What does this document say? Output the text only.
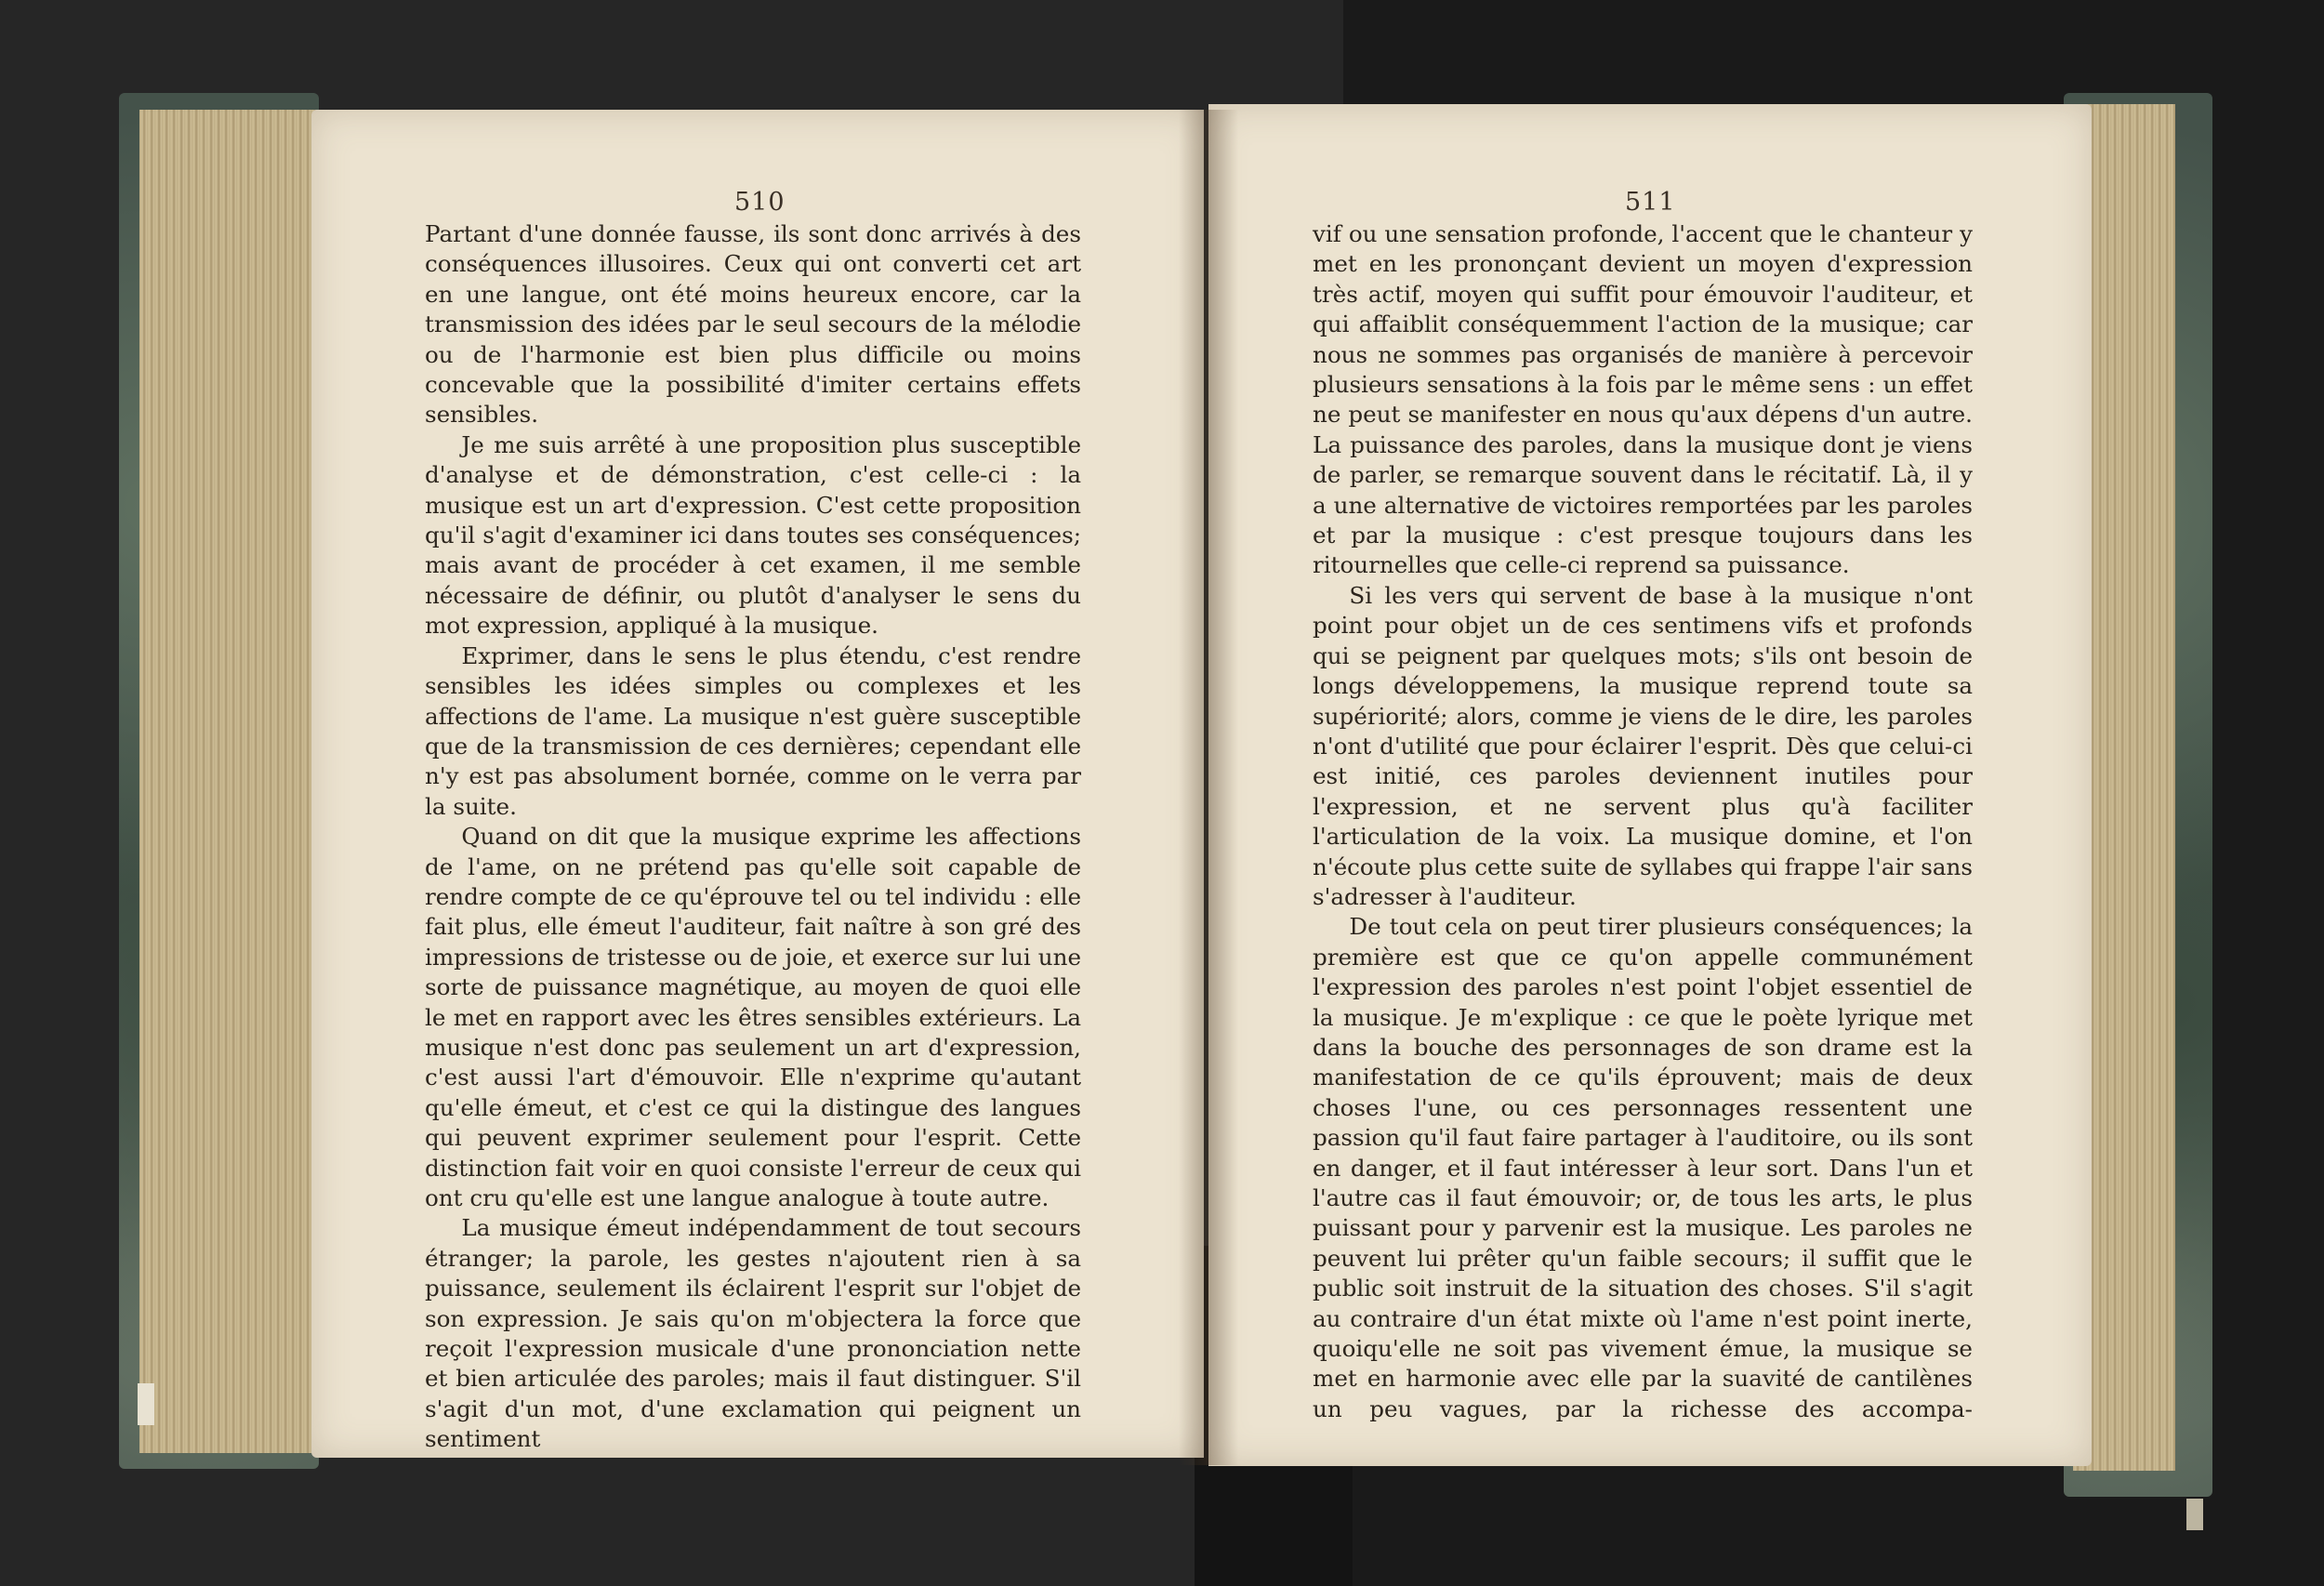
510	511

Partant d'une donnée fausse, ils sont donc arrivés à des conséquences illusoires. Ceux qui ont converti cet art en une langue, ont été moins heureux encore, car la transmission des idées par le seul secours de la mélodie ou de l'harmonie est bien plus difficile ou moins concevable que la possibilité d'imiter certains effets sensibles.

Je me suis arrêté à une proposition plus susceptible d'analyse et de démonstration, c'est celle-ci : la musique est un art d'expression. C'est cette proposition qu'il s'agit d'examiner ici dans toutes ses conséquences; mais avant de procéder à cet examen, il me semble nécessaire de définir, ou plutôt d'analyser le sens du mot expression, appliqué à la musique.

Exprimer, dans le sens le plus étendu, c'est rendre sensibles les idées simples ou complexes et les affections de l'ame. La musique n'est guère susceptible que de la transmission de ces dernières; cependant elle n'y est pas absolument bornée, comme on le verra par la suite.

Quand on dit que la musique exprime les affections de l'ame, on ne prétend pas qu'elle soit capable de rendre compte de ce qu'éprouve tel ou tel individu : elle fait plus, elle émeut l'auditeur, fait naître à son gré des impressions de tristesse ou de joie, et exerce sur lui une sorte de puissance magnétique, au moyen de quoi elle le met en rapport avec les êtres sensibles extérieurs. La musique n'est donc pas seulement un art d'expression, c'est aussi l'art d'émouvoir. Elle n'exprime qu'autant qu'elle émeut, et c'est ce qui la distingue des langues qui peuvent exprimer seulement pour l'esprit. Cette distinction fait voir en quoi consiste l'erreur de ceux qui ont cru qu'elle est une langue analogue à toute autre.

La musique émeut indépendamment de tout secours étranger; la parole, les gestes n'ajoutent rien à sa puissance, seulement ils éclairent l'esprit sur l'objet de son expression. Je sais qu'on m'objectera la force que reçoit l'expression musicale d'une prononciation nette et bien articulée des paroles; mais il faut distinguer. S'il s'agit d'un mot, d'une exclamation qui peignent un sentiment

vif ou une sensation profonde, l'accent que le chanteur y met en les prononçant devient un moyen d'expression très actif, moyen qui suffit pour émouvoir l'auditeur, et qui affaiblit conséquemment l'action de la musique; car nous ne sommes pas organisés de manière à percevoir plusieurs sensations à la fois par le même sens : un effet ne peut se manifester en nous qu'aux dépens d'un autre. La puissance des paroles, dans la musique dont je viens de parler, se remarque souvent dans le récitatif. Là, il y a une alternative de victoires remportées par les paroles et par la musique : c'est presque toujours dans les ritournelles que celle-ci reprend sa puissance.

Si les vers qui servent de base à la musique n'ont point pour objet un de ces sentimens vifs et profonds qui se peignent par quelques mots; s'ils ont besoin de longs développemens, la musique reprend toute sa supériorité; alors, comme je viens de le dire, les paroles n'ont d'utilité que pour éclairer l'esprit. Dès que celui-ci est initié, ces paroles deviennent inutiles pour l'expression, et ne servent plus qu'à faciliter l'articulation de la voix. La musique domine, et l'on n'écoute plus cette suite de syllabes qui frappe l'air sans s'adresser à l'auditeur.

De tout cela on peut tirer plusieurs conséquences; la première est que ce qu'on appelle communément l'expression des paroles n'est point l'objet essentiel de la musique. Je m'explique : ce que le poète lyrique met dans la bouche des personnages de son drame est la manifestation de ce qu'ils éprouvent; mais de deux choses l'une, ou ces personnages ressentent une passion qu'il faut faire partager à l'auditoire, ou ils sont en danger, et il faut intéresser à leur sort. Dans l'un et l'autre cas il faut émouvoir; or, de tous les arts, le plus puissant pour y parvenir est la musique. Les paroles ne peuvent lui prêter qu'un faible secours; il suffit que le public soit instruit de la situation des choses. S'il s'agit au contraire d'un état mixte où l'ame n'est point inerte, quoiqu'elle ne soit pas vivement émue, la musique se met en harmonie avec elle par la suavité de cantilènes un peu vagues, par la richesse des accompa-
